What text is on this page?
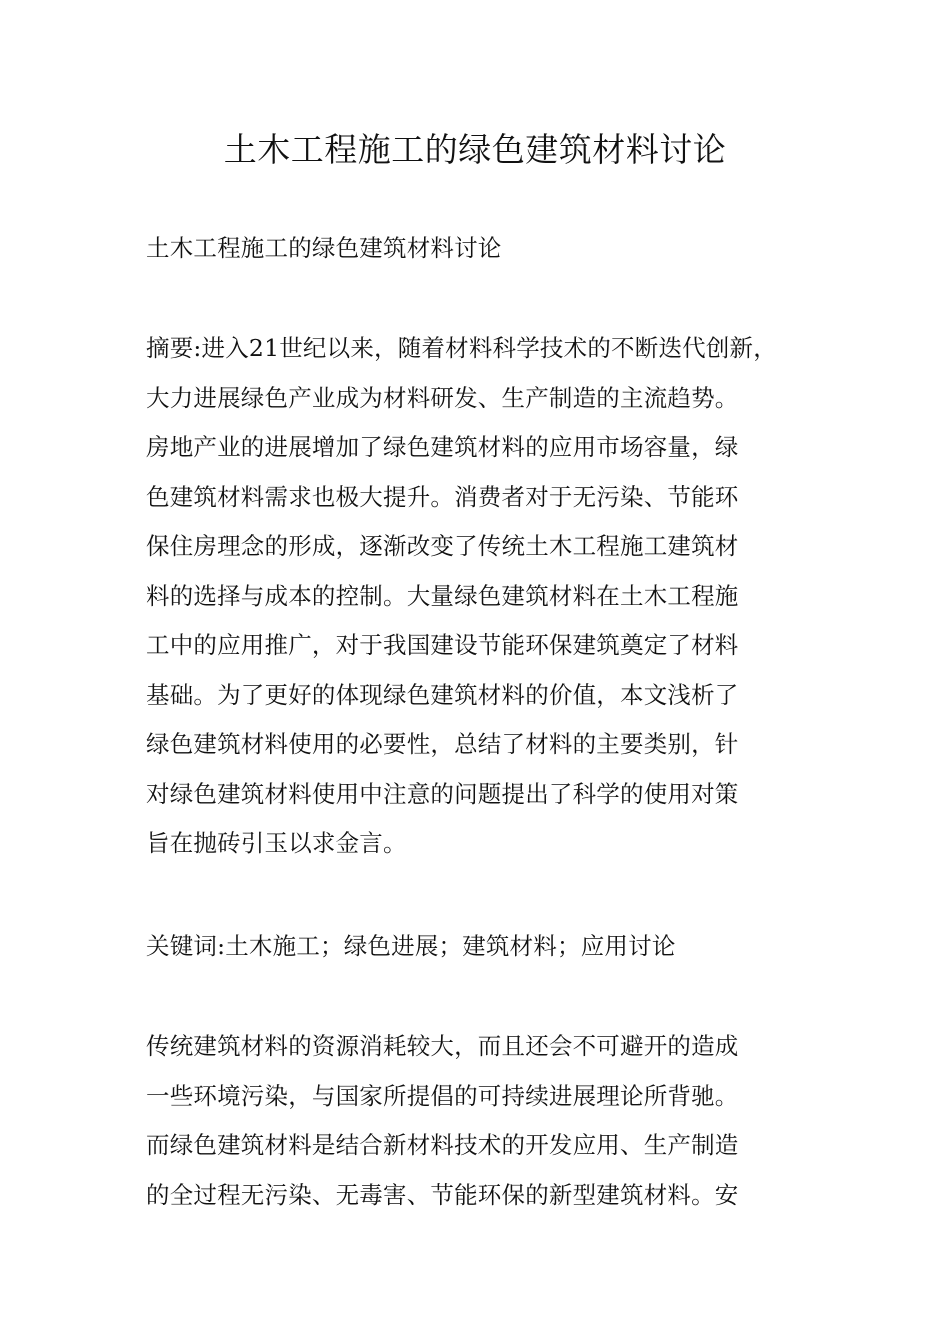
土木工程施工的绿色建筑材料讨论

土木工程施工的绿色建筑材料讨论

摘要:进入21世纪以来，随着材料科学技术的不断迭代创新，
大力进展绿色产业成为材料研发、生产制造的主流趋势。
房地产业的进展增加了绿色建筑材料的应用市场容量，绿
色建筑材料需求也极大提升。消费者对于无污染、节能环
保住房理念的形成，逐渐改变了传统土木工程施工建筑材
料的选择与成本的控制。大量绿色建筑材料在土木工程施
工中的应用推广，对于我国建设节能环保建筑奠定了材料
基础。为了更好的体现绿色建筑材料的价值，本文浅析了
绿色建筑材料使用的必要性，总结了材料的主要类别，针
对绿色建筑材料使用中注意的问题提出了科学的使用对策
旨在抛砖引玉以求金言。

关键词:土木施工；绿色进展；建筑材料；应用讨论

传统建筑材料的资源消耗较大，而且还会不可避开的造成
一些环境污染，与国家所提倡的可持续进展理论所背驰。
而绿色建筑材料是结合新材料技术的开发应用、生产制造
的全过程无污染、无毒害、节能环保的新型建筑材料。安
